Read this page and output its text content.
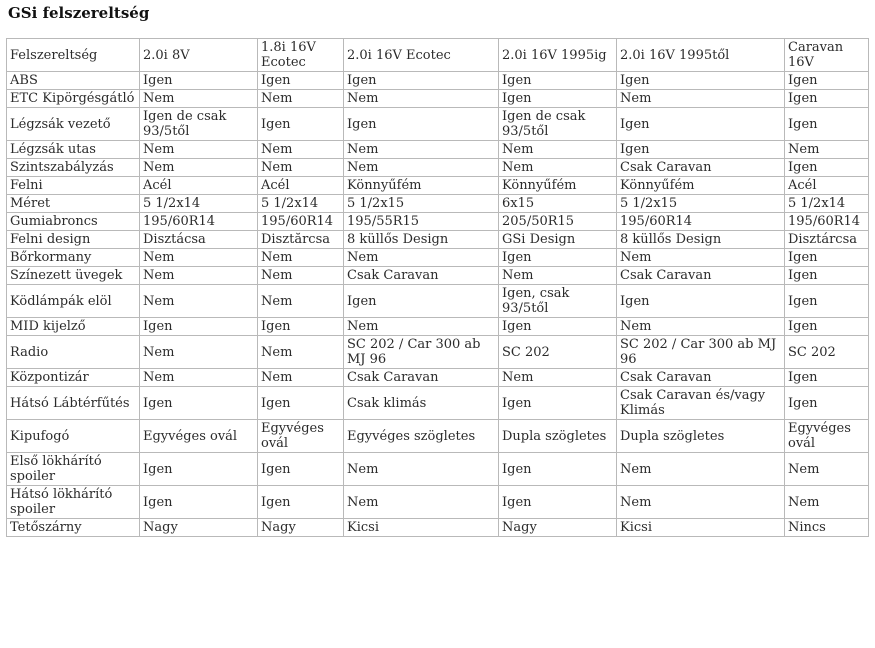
GSi felszereltség
Felszereltség	2.0i 8V	1.8i 16V Ecotec	2.0i 16V Ecotec	2.0i 16V 1995ig	2.0i 16V 1995től	Caravan 16V
ABS	Igen	Igen	Igen	Igen	Igen	Igen
ETC Kipörgésgátló	Nem	Nem	Nem	Igen	Nem	Igen
Légzsák vezető	Igen de csak 93/5től	Igen	Igen	Igen de csak 93/5től	Igen	Igen
Légzsák utas	Nem	Nem	Nem	Nem	Igen	Nem
Szintszabályzás	Nem	Nem	Nem	Nem	Csak Caravan	Igen
Felni	Acél	Acél	Könnyűfém	Könnyűfém	Könnyűfém	Acél
Méret	5 1/2x14	5 1/2x14	5 1/2x15	6x15	5 1/2x15	5 1/2x14
Gumiabroncs	195/60R14	195/60R14	195/55R15	205/50R15	195/60R14	195/60R14
Felni design	Disztácsa	Disztărcsa	8 küllős Design	GSi Design	8 küllős Design	Disztárcsa
Bőrkormany	Nem	Nem	Nem	Igen	Nem	Igen
Színezett üvegek	Nem	Nem	Csak Caravan	Nem	Csak Caravan	Igen
Ködlámpák elöl	Nem	Nem	Igen	Igen, csak 93/5től	Igen	Igen
MID kijelző	Igen	Igen	Nem	Igen	Nem	Igen
Radio	Nem	Nem	SC 202 / Car 300 ab MJ 96	SC 202	SC 202 / Car 300 ab MJ 96	SC 202
Központizár	Nem	Nem	Csak Caravan	Nem	Csak Caravan	Igen
Hátsó Lábtérfűtés	Igen	Igen	Csak klimás	Igen	Csak Caravan és/vagy Klimás	Igen
Kipufogó	Egyvéges ovál	Egyvéges ovál	Egyvéges szögletes	Dupla szögletes	Dupla szögletes	Egyvéges ovál
Első lökhárító spoiler	Igen	Igen	Nem	Igen	Nem	Nem
Hátsó lökhárító spoiler	Igen	Igen	Nem	Igen	Nem	Nem
Tetőszárny	Nagy	Nagy	Kicsi	Nagy	Kicsi	Nincs
